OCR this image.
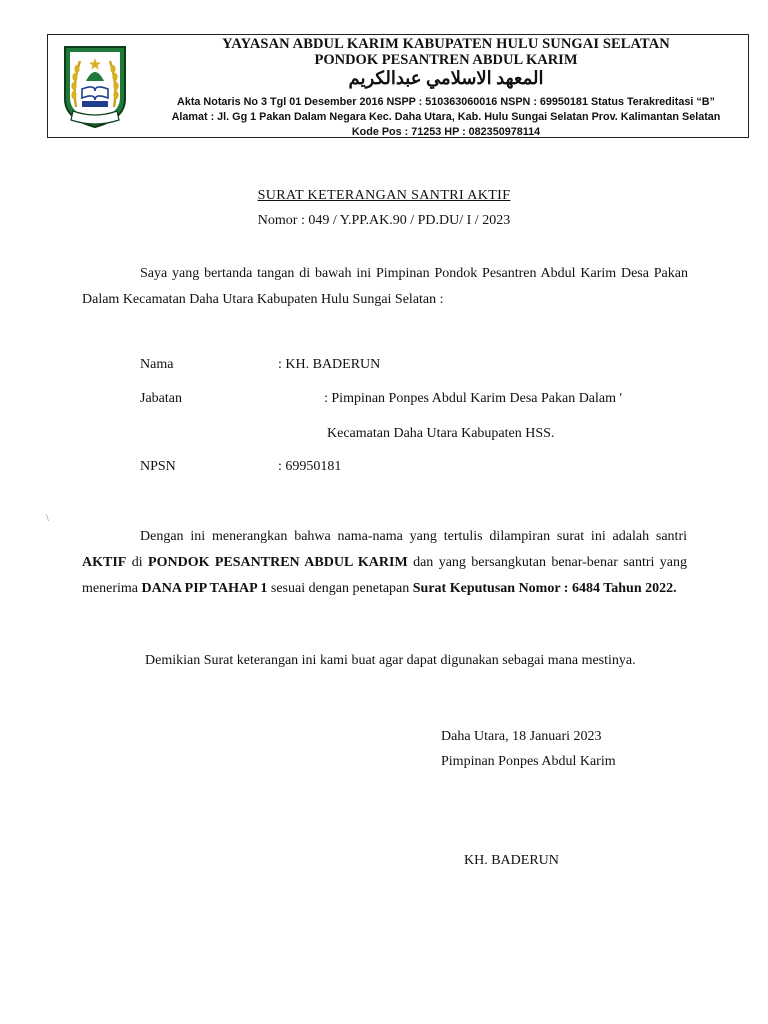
YAYASAN ABDUL KARIM KABUPATEN HULU SUNGAI SELATAN
PONDOK PESANTREN ABDUL KARIM
المعهد الاسلامي عبدالكريم
Akta Notaris No 3 Tgl 01 Desember 2016 NSPP : 510363060016 NSPN : 69950181 Status Terakreditasi “B”
Alamat : Jl. Gg 1 Pakan Dalam Negara Kec. Daha Utara, Kab. Hulu Sungai Selatan Prov. Kalimantan Selatan
Kode Pos : 71253 HP : 082350978114
SURAT KETERANGAN SANTRI AKTIF
Nomor : 049 / Y.PP.AK.90 / PD.DU/ I / 2023
Saya yang bertanda tangan di bawah ini Pimpinan Pondok Pesantren Abdul Karim Desa Pakan Dalam Kecamatan Daha Utara Kabupaten Hulu Sungai Selatan :
Nama	: KH. BADERUN
Jabatan	: Pimpinan Ponpes Abdul Karim Desa Pakan Dalam '
Kecamatan Daha Utara Kabupaten HSS.
NPSN	: 69950181
\
Dengan ini menerangkan bahwa nama-nama yang tertulis dilampiran surat ini adalah santri AKTIF di PONDOK PESANTREN ABDUL KARIM dan yang bersangkutan benar-benar santri yang menerima DANA PIP TAHAP 1 sesuai dengan penetapan Surat Keputusan Nomor : 6484 Tahun 2022.
Demikian Surat keterangan ini kami buat agar dapat digunakan sebagai mana mestinya.
Daha Utara, 18 Januari 2023
Pimpinan Ponpes Abdul Karim
KH. BADERUN
